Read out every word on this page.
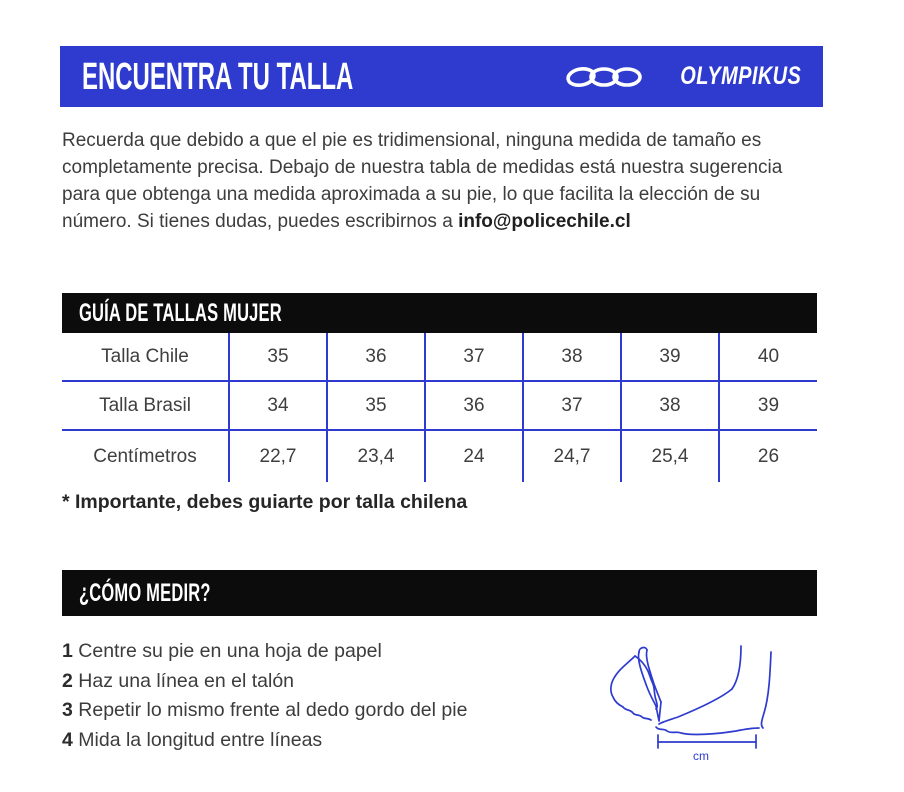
ENCUENTRA TU TALLA	OLYMPIKUS
Recuerda que debido a que el pie es tridimensional, ninguna medida de tamaño es
completamente precisa. Debajo de nuestra tabla de medidas está nuestra sugerencia
para que obtenga una medida aproximada a su pie, lo que facilita la elección de su
número. Si tienes dudas, puedes escribirnos a info@policechile.cl
GUÍA DE TALLAS MUJER
Talla Chile	35	36	37	38	39	40
Talla Brasil	34	35	36	37	38	39
Centímetros	22,7	23,4	24	24,7	25,4	26
* Importante, debes guiarte por talla chilena
¿CÓMO MEDIR?
1 Centre su pie en una hoja de papel
2 Haz una línea en el talón
3 Repetir lo mismo frente al dedo gordo del pie
4 Mida la longitud entre líneas
cm
